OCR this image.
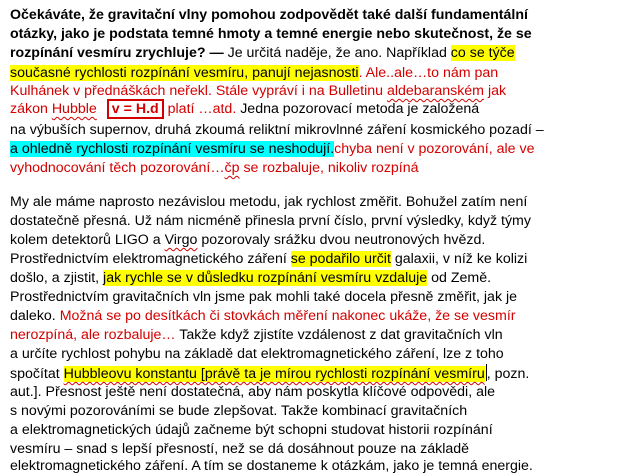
Očekáváte, že gravitační vlny pomohou zodpovědět také další fundamentální
otázky, jako je podstata temné hmoty a temné energie nebo skutečnost, že se
rozpínání vesmíru zrychluje? — Je určitá naděje, že ano. Například co se týče
současné rychlosti rozpínání vesmíru, panují nejasnosti. Ale..ale…to nám pan
Kulhánek v přednáškách neřekl. Stále vypráví i na Bulletinu aldebaranském jak
zákon Hubble v = H.d platí …atd. Jedna pozorovací metoda je založená
na výbuších supernov, druhá zkoumá reliktní mikrovlnné záření kosmického pozadí –
a ohledně rychlosti rozpínání vesmíru se neshodují.chyba není v pozorování, ale ve
vyhodnocování těch pozorování…čp se rozbaluje, nikoliv rozpíná
My ale máme naprosto nezávislou metodu, jak rychlost změřit. Bohužel zatím není
dostatečně přesná. Už nám nicméně přinesla první číslo, první výsledky, když týmy
kolem detektorů LIGO a Virgo pozorovaly srážku dvou neutronových hvězd.
Prostřednictvím elektromagnetického záření se podařilo určit galaxii, v níž ke kolizi
došlo, a zjistit, jak rychle se v důsledku rozpínání vesmíru vzdaluje od Země.
Prostřednictvím gravitačních vln jsme pak mohli také docela přesně změřit, jak je
daleko. Možná se po desítkách či stovkách měření nakonec ukáže, že se vesmír
nerozpíná, ale rozbaluje… Takže když zjistíte vzdálenost z dat gravitačních vln
a určíte rychlost pohybu na základě dat elektromagnetického záření, lze z toho
spočítat Hubbleovu konstantu [právě ta je mírou rychlosti rozpínání vesmíru , pozn.
aut.]. Přesnost ještě není dostatečná, aby nám poskytla klíčové odpovědi, ale
s novými pozorováními se bude zlepšovat. Takže kombinací gravitačních
a elektromagnetických údajů začneme být schopni studovat historii rozpínání
vesmíru – snad s lepší přesností, než se dá dosáhnout pouze na základě
elektromagnetického záření. A tím se dostaneme k otázkám, jako je temná energie.
